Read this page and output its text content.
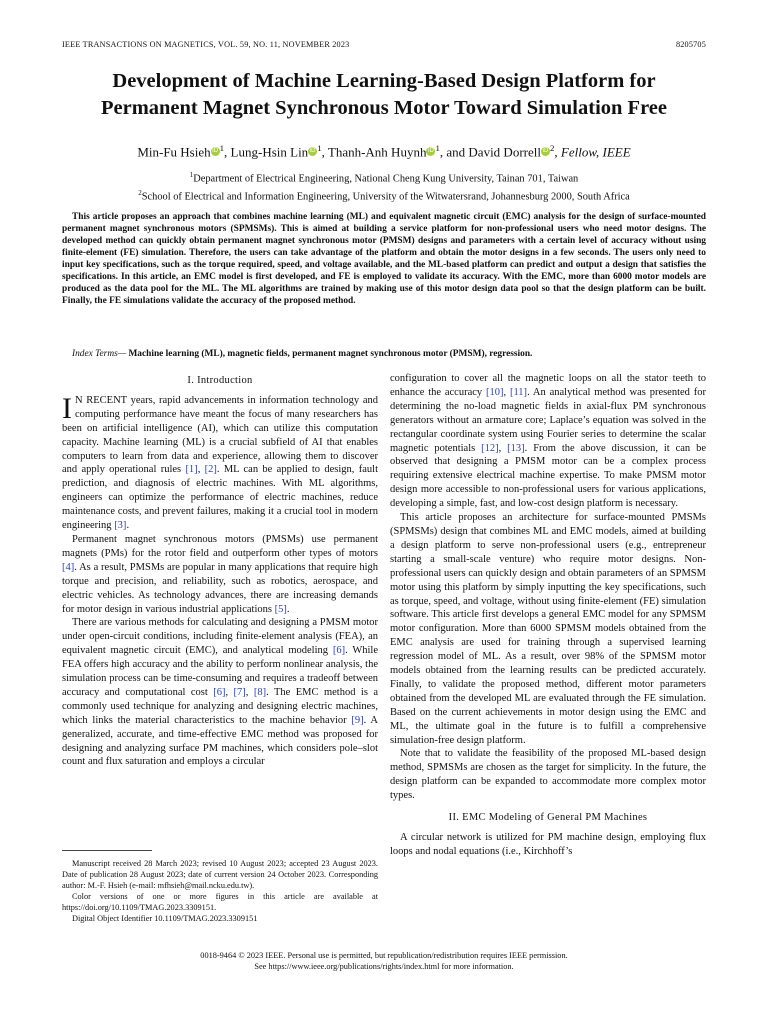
IEEE TRANSACTIONS ON MAGNETICS, VOL. 59, NO. 11, NOVEMBER 2023	8205705
Development of Machine Learning-Based Design Platform for
Permanent Magnet Synchronous Motor Toward Simulation Free
Min-Fu Hsieh iD $^1$, Lung-Hsin Lin iD $^1$, Thanh-Anh Huynh iD $^1$, and David Dorrell iD $^2$, Fellow, IEEE
$^1$Department of Electrical Engineering, National Cheng Kung University, Tainan 701, Taiwan
$^2$School of Electrical and Information Engineering, University of the Witwatersrand, Johannesburg 2000, South Africa
This article proposes an approach that combines machine learning (ML) and equivalent magnetic circuit (EMC) analysis for the design of surface-mounted permanent magnet synchronous motors (SPMSMs). This is aimed at building a service platform for non-professional users who need motor designs. The developed method can quickly obtain permanent magnet synchronous motor (PMSM) designs and parameters with a certain level of accuracy without using finite-element (FE) simulation. Therefore, the users can take advantage of the platform and obtain the motor designs in a few seconds. The users only need to input key specifications, such as the torque required, speed, and voltage available, and the ML-based platform can predict and output a design that satisfies the specifications. In this article, an EMC model is first developed, and FE is employed to validate its accuracy. With the EMC, more than 6000 motor models are produced as the data pool for the ML. The ML algorithms are trained by making use of this motor design data pool so that the design platform can be built. Finally, the FE simulations validate the accuracy of the proposed method.
Index Terms— Machine learning (ML), magnetic fields, permanent magnet synchronous motor (PMSM), regression.
I. Introduction

I N RECENT years, rapid advancements in information technology and computing performance have meant the focus of many researchers has been on artificial intelligence (AI), which can utilize this computation capacity. Machine learning (ML) is a crucial subfield of AI that enables computers to learn from data and experience, allowing them to discover and apply operational rules [1], [2]. ML can be applied to design, fault prediction, and diagnosis of electric machines. With ML algorithms, engineers can optimize the performance of electric machines, reduce maintenance costs, and prevent failures, making it a crucial tool in modern engineering [3].

Permanent magnet synchronous motors (PMSMs) use permanent magnets (PMs) for the rotor field and outperform other types of motors [4]. As a result, PMSMs are popular in many applications that require high torque and precision, and reliability, such as robotics, aerospace, and electric vehicles. As technology advances, there are increasing demands for motor design in various industrial applications [5].

There are various methods for calculating and designing a PMSM motor under open-circuit conditions, including finite-element analysis (FEA), an equivalent magnetic circuit (EMC), and analytical modeling [6]. While FEA offers high accuracy and the ability to perform nonlinear analysis, the simulation process can be time-consuming and requires a tradeoff between accuracy and computational cost [6], [7], [8]. The EMC method is a commonly used technique for analyzing and designing electric machines, which links the material characteristics to the machine behavior [9]. A generalized, accurate, and time-effective EMC method was proposed for designing and analyzing surface PM machines, which considers pole–slot count and flux saturation and employs a circular

Manuscript received 28 March 2023; revised 10 August 2023; accepted 23 August 2023. Date of publication 28 August 2023; date of current version 24 October 2023. Corresponding author: M.-F. Hsieh (e-mail: mfhsieh@mail.ncku.edu.tw).

Color versions of one or more figures in this article are available at https://doi.org/10.1109/TMAG.2023.3309151.

Digital Object Identifier 10.1109/TMAG.2023.3309151

configuration to cover all the magnetic loops on all the stator teeth to enhance the accuracy [10], [11]. An analytical method was presented for determining the no-load magnetic fields in axial-flux PM synchronous generators without an armature core; Laplace’s equation was solved in the rectangular coordinate system using Fourier series to determine the scalar magnetic potentials [12], [13]. From the above discussion, it can be observed that designing a PMSM motor can be a complex process requiring extensive electrical machine expertise. To make PMSM motor design more accessible to non-professional users for various applications, developing a simple, fast, and low-cost design platform is necessary.

This article proposes an architecture for surface-mounted PMSMs (SPMSMs) design that combines ML and EMC models, aimed at building a design platform to serve non-professional users (e.g., entrepreneur starting a small-scale venture) who require motor designs. Non-professional users can quickly design and obtain parameters of an SPMSM motor using this platform by simply inputting the key specifications, such as torque, speed, and voltage, without using finite-element (FE) simulation software. This article first develops a general EMC model for any SPMSM motor configuration. More than 6000 SPMSM models obtained from the EMC analysis are used for training through a supervised learning regression model of ML. As a result, over 98% of the SPMSM motor models obtained from the learning results can be predicted accurately. Finally, to validate the proposed method, different motor parameters obtained from the developed ML are evaluated through the FE simulation. Based on the current achievements in motor design using the EMC and ML, the ultimate goal in the future is to fulfill a comprehensive simulation-free design platform.

Note that to validate the feasibility of the proposed ML-based design method, SPMSMs are chosen as the target for simplicity. In the future, the design platform can be expanded to accommodate more complex motor types.

II. EMC Modeling of General PM Machines

A circular network is utilized for PM machine design, employing flux loops and nodal equations (i.e., Kirchhoff’s

0018-9464 © 2023 IEEE. Personal use is permitted, but republication/redistribution requires IEEE permission.
See https://www.ieee.org/publications/rights/index.html for more information.
